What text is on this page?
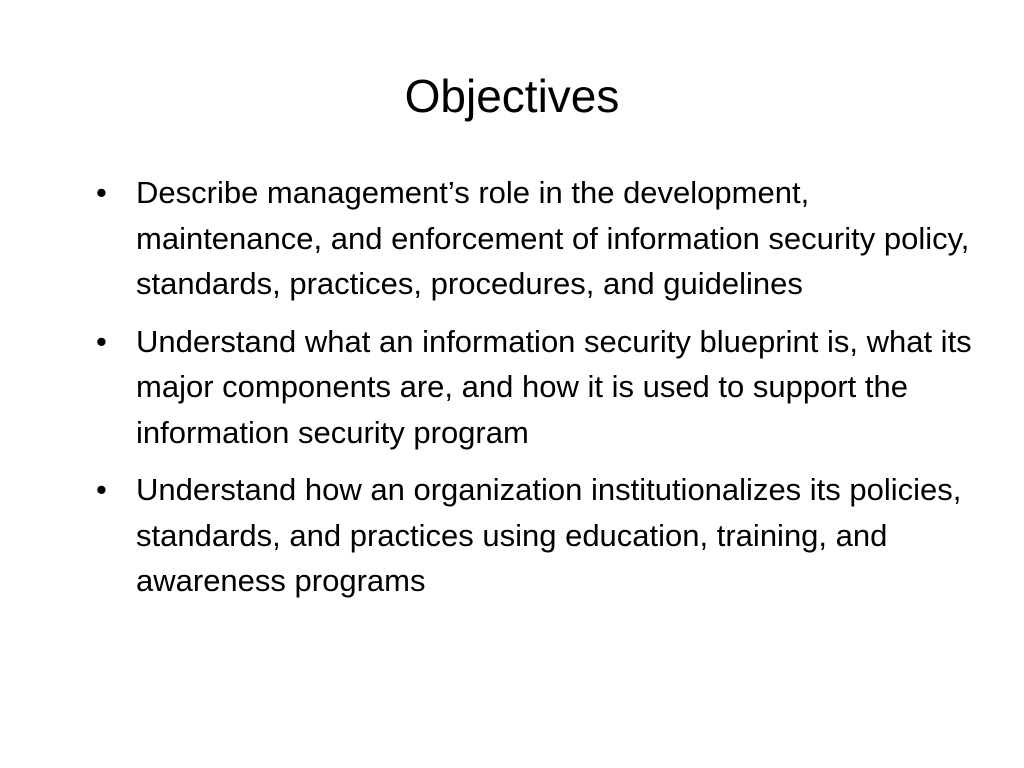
Objectives
• Describe management’s role in the development, maintenance, and enforcement of information security policy, standards, practices, procedures, and guidelines
• Understand what an information security blueprint is, what its major components are, and how it is used to support the information security program
• Understand how an organization institutionalizes its policies, standards, and practices using education, training, and awareness programs
